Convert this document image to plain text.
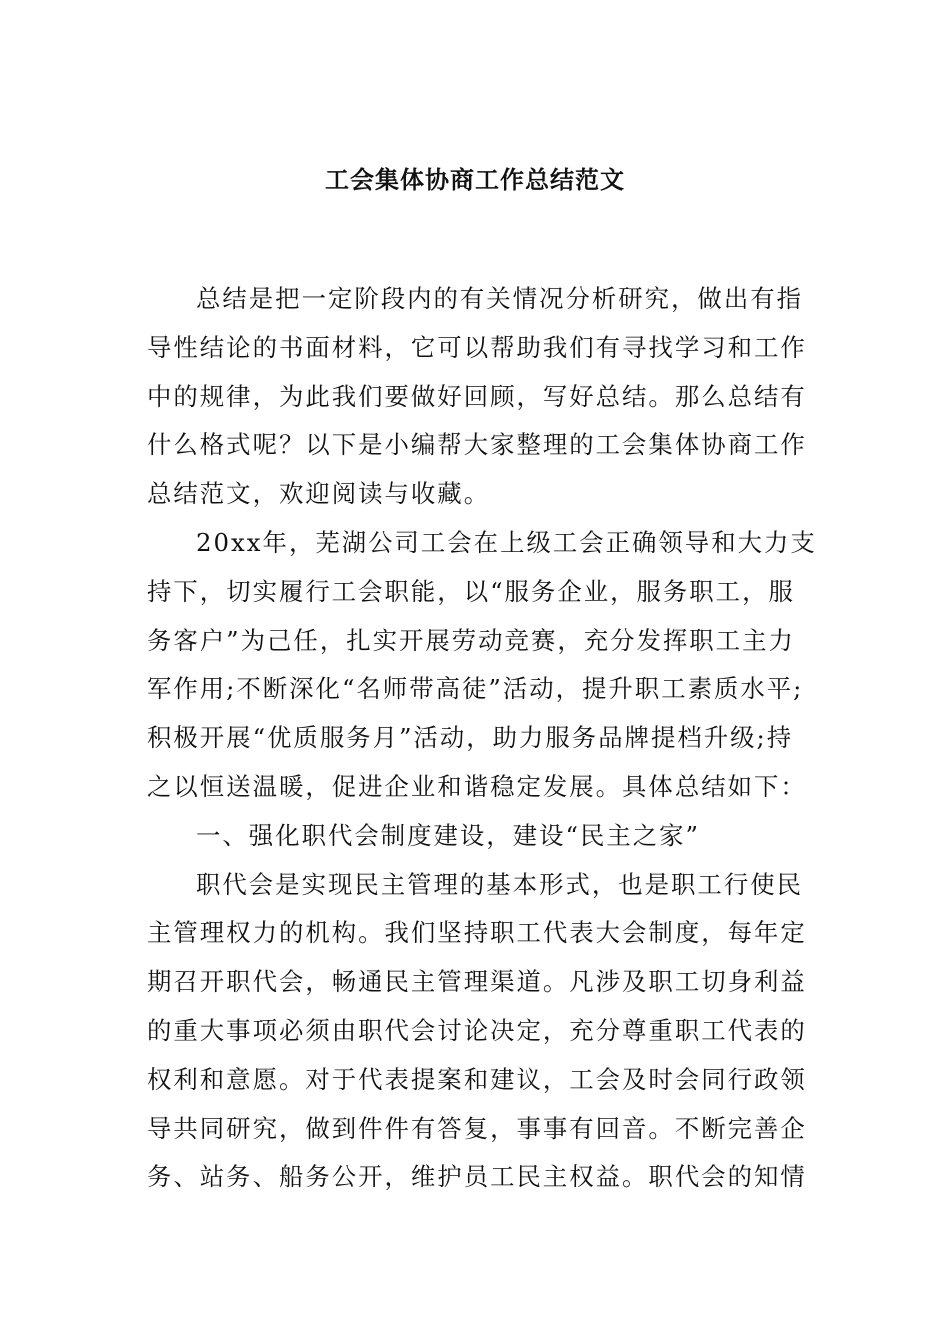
工会集体协商工作总结范文
总结是把一定阶段内的有关情况分析研究，做出有指
导性结论的书面材料，它可以帮助我们有寻找学习和工作
中的规律，为此我们要做好回顾，写好总结。那么总结有
什么格式呢？以下是小编帮大家整理的工会集体协商工作
总结范文，欢迎阅读与收藏。
20xx年，芜湖公司工会在上级工会正确领导和大力支
持下，切实履行工会职能，以“服务企业，服务职工，服
务客户”为己任，扎实开展劳动竞赛，充分发挥职工主力
军作用;不断深化“名师带高徒”活动，提升职工素质水平;
积极开展“优质服务月”活动，助力服务品牌提档升级;持
之以恒送温暖，促进企业和谐稳定发展。具体总结如下：
一、强化职代会制度建设，建设“民主之家”
职代会是实现民主管理的基本形式，也是职工行使民
主管理权力的机构。我们坚持职工代表大会制度，每年定
期召开职代会，畅通民主管理渠道。凡涉及职工切身利益
的重大事项必须由职代会讨论决定，充分尊重职工代表的
权利和意愿。对于代表提案和建议，工会及时会同行政领
导共同研究，做到件件有答复，事事有回音。不断完善企
务、站务、船务公开，维护员工民主权益。职代会的知情
